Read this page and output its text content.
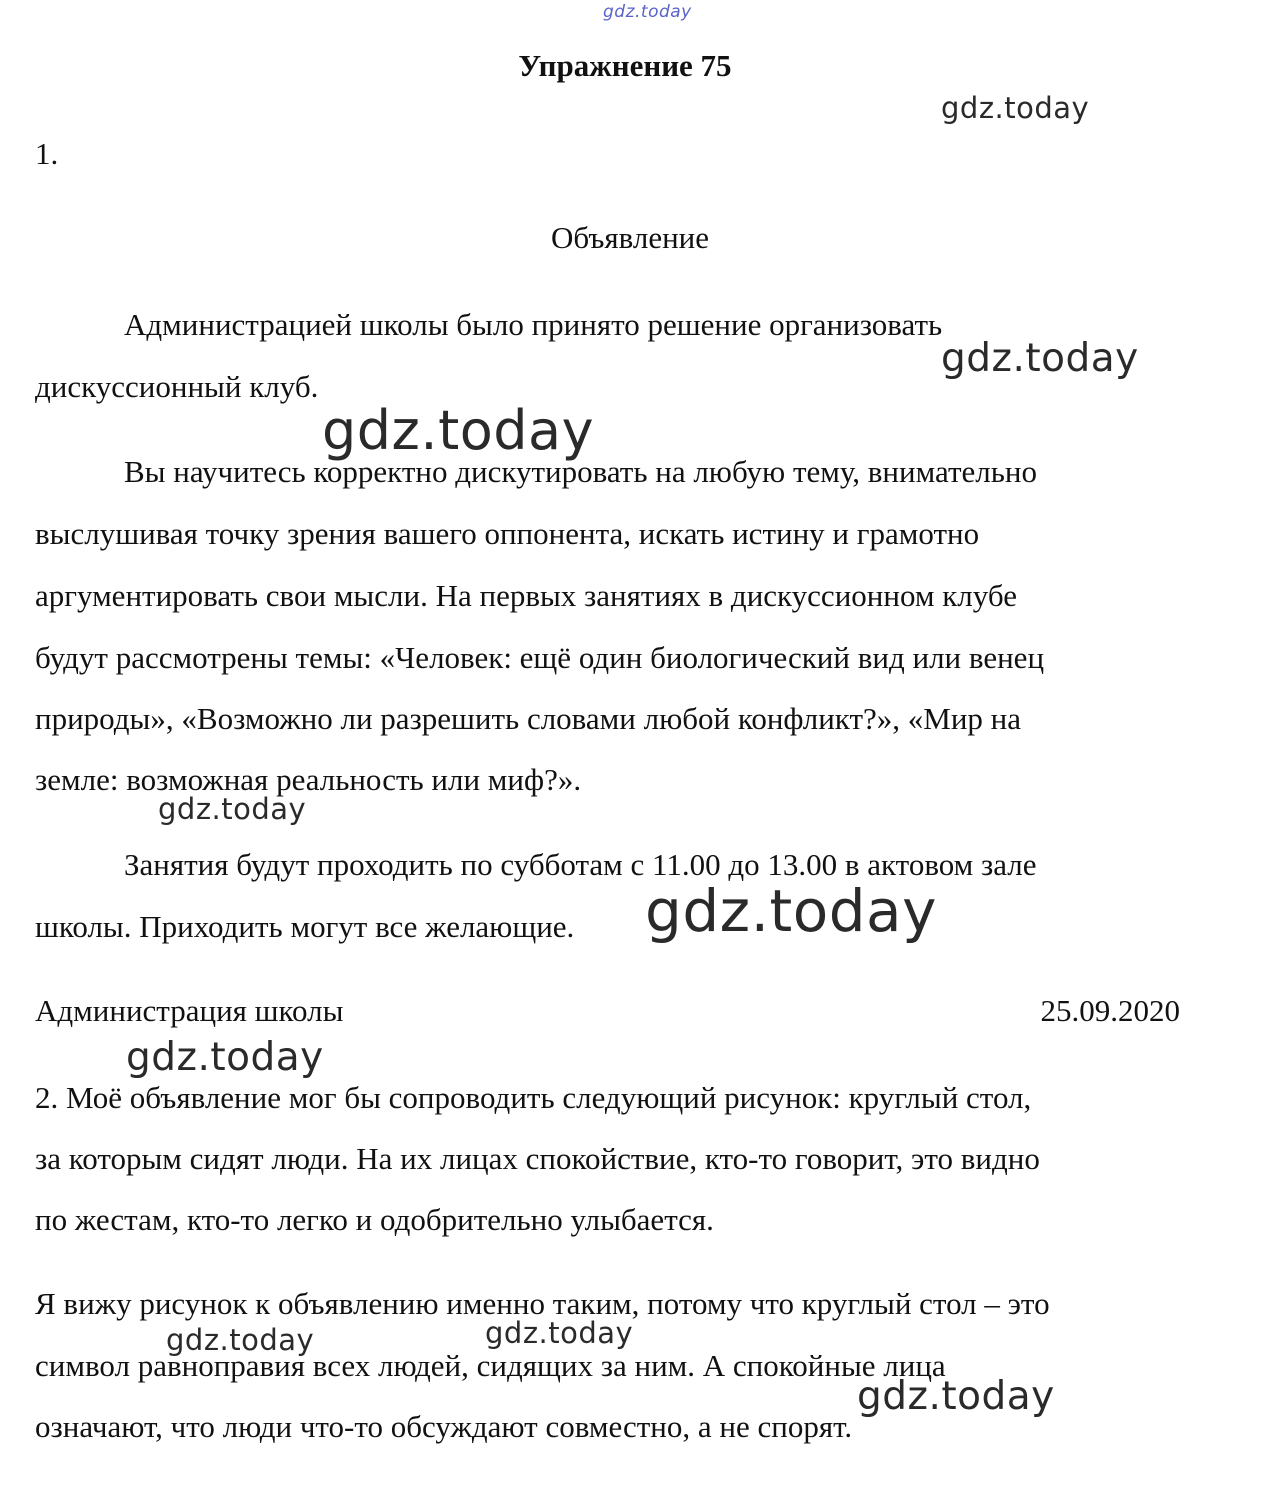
gdz.today
Упражнение 75
gdz.today
1.
Объявление
Администрацией школы было принято решение организовать
дискуссионный клуб.
gdz.today
gdz.today
Вы научитесь корректно дискутировать на любую тему, внимательно
выслушивая точку зрения вашего оппонента, искать истину и грамотно
аргументировать свои мысли. На первых занятиях в дискуссионном клубе
будут рассмотрены темы: «Человек: ещё один биологический вид или венец
природы», «Возможно ли разрешить словами любой конфликт?», «Мир на
земле: возможная реальность или миф?».
gdz.today
Занятия будут проходить по субботам с 11.00 до 13.00 в актовом зале
школы. Приходить могут все желающие. gdz.today
Администрация школы	25.09.2020
gdz.today
2. Моё объявление мог бы сопроводить следующий рисунок: круглый стол,
за которым сидят люди. На их лицах спокойствие, кто-то говорит, это видно
по жестам, кто-то легко и одобрительно улыбается.
Я вижу рисунок к объявлению именно таким, потому что круглый стол – это
символ равноправия всех людей, сидящих за ним. А спокойные лица
означают, что люди что-то обсуждают совместно, а не спорят.
gdz.today	gdz.today
gdz.today
